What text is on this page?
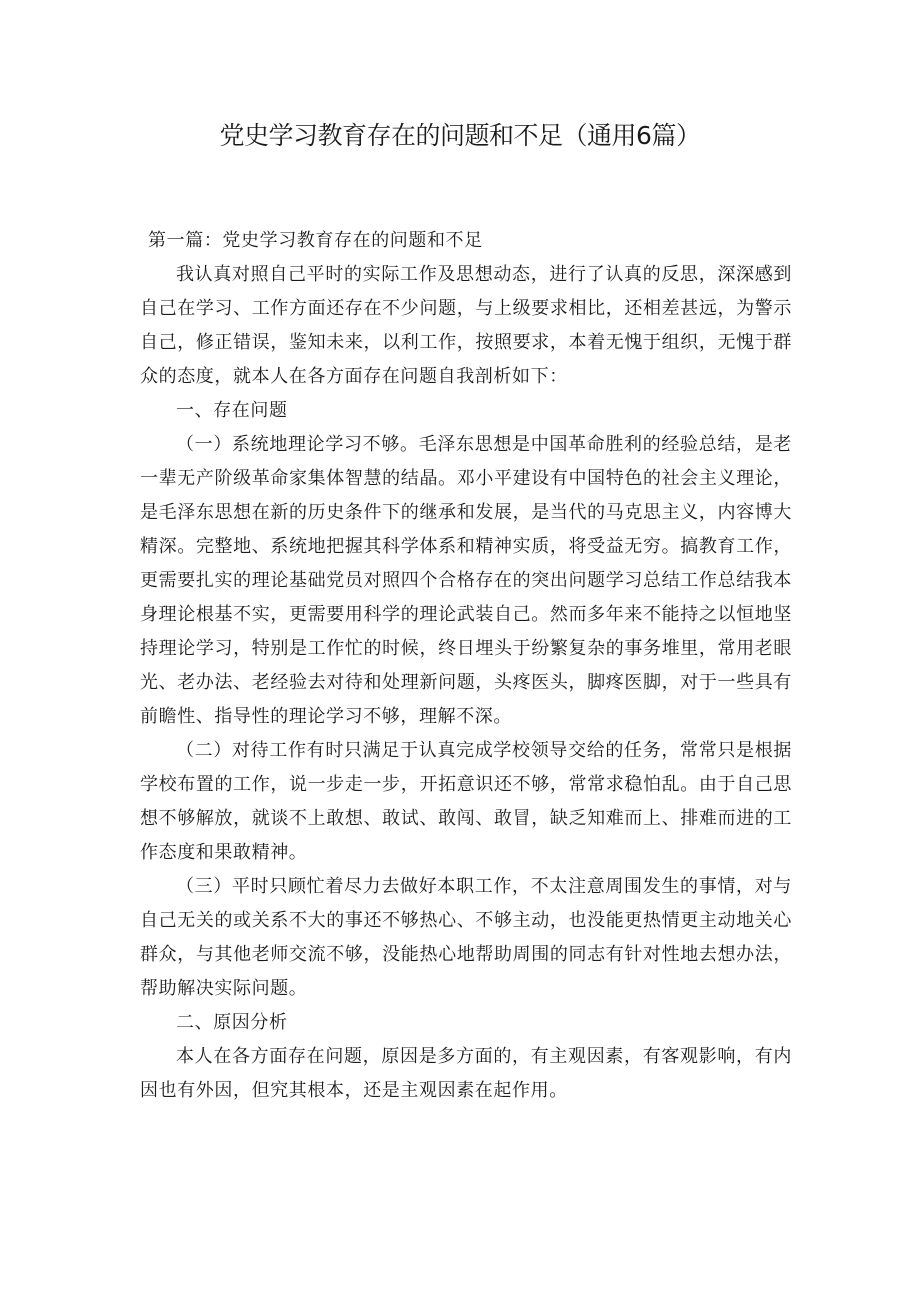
党史学习教育存在的问题和不足（通用6篇）

第一篇：党史学习教育存在的问题和不足

我认真对照自己平时的实际工作及思想动态，进行了认真的反思，深深感到自己在学习、工作方面还存在不少问题，与上级要求相比，还相差甚远，为警示自己，修正错误，鉴知未来，以利工作，按照要求，本着无愧于组织，无愧于群众的态度，就本人在各方面存在问题自我剖析如下：

一、存在问题

（一）系统地理论学习不够。毛泽东思想是中国革命胜利的经验总结，是老一辈无产阶级革命家集体智慧的结晶。邓小平建设有中国特色的社会主义理论，是毛泽东思想在新的历史条件下的继承和发展，是当代的马克思主义，内容博大精深。完整地、系统地把握其科学体系和精神实质，将受益无穷。搞教育工作，更需要扎实的理论基础党员对照四个合格存在的突出问题学习总结工作总结我本身理论根基不实，更需要用科学的理论武装自己。然而多年来不能持之以恒地坚持理论学习，特别是工作忙的时候，终日埋头于纷繁复杂的事务堆里，常用老眼光、老办法、老经验去对待和处理新问题，头疼医头，脚疼医脚，对于一些具有前瞻性、指导性的理论学习不够，理解不深。

（二）对待工作有时只满足于认真完成学校领导交给的任务，常常只是根据学校布置的工作，说一步走一步，开拓意识还不够，常常求稳怕乱。由于自己思想不够解放，就谈不上敢想、敢试、敢闯、敢冒，缺乏知难而上、排难而进的工作态度和果敢精神。

（三）平时只顾忙着尽力去做好本职工作，不太注意周围发生的事情，对与自己无关的或关系不大的事还不够热心、不够主动，也没能更热情更主动地关心群众，与其他老师交流不够，没能热心地帮助周围的同志有针对性地去想办法，帮助解决实际问题。

二、原因分析

本人在各方面存在问题，原因是多方面的，有主观因素，有客观影响，有内因也有外因，但究其根本，还是主观因素在起作用。
